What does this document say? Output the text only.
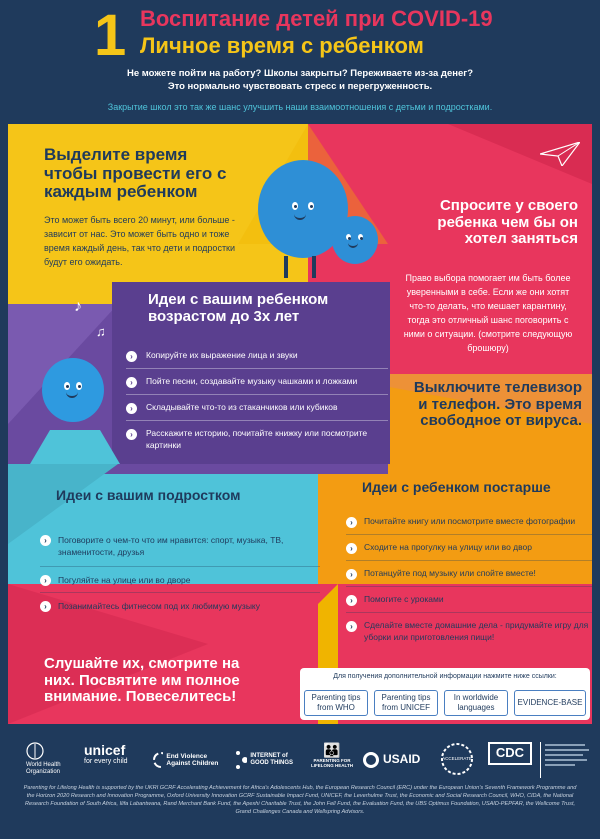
1 Воспитание детей при COVID-19
Личное время с ребенком
Не можете пойти на работу? Школы закрыты? Переживаете из-за денег?
Это нормально чувствовать стресс и перегруженность.
Закрытие школ это так же шанс улучшить наши взаимоотношения с детьми и подростками.
Выделите время чтобы провести его с каждым ребенком
Это может быть всего 20 минут, или больше - зависит от нас. Это может быть одно и тоже время каждый день, так что дети и подростки будут его ожидать.
Спросите у своего ребенка чем бы он хотел заняться
Право выбора помогает им быть более уверенными в себе. Если же они хотят что-то делать, что мешает карантину, тогда это отличный шанс поговорить с ними о ситуации. (смотрите следующую брошюру)
♪
♫
Идеи с вашим ребенком возрастом до 3х лет
›	Копируйте их выражение лица и звуки
›	Пойте песни, создавайте музыку чашками и ложками
›	Складывайте что-то из стаканчиков или кубиков
›	Расскажите историю, почитайте книжку или посмотрите картинки
Выключите телевизор и телефон. Это время свободное от вируса.
Идеи с вашим подростком
›	Поговорите о чем-то что им нравится: спорт, музыка, ТВ, знаменитости, друзья
›	Погуляйте на улице или во дворе
›	Позанимайтесь фитнесом под их любимую музыку
Идеи с ребенком постарше
›	Почитайте книгу или посмотрите вместе фотографии
›	Сходите на прогулку на улицу или во двор
›	Потанцуйте под музыку или спойте вместе!
›	Помогите с уроками
›	Сделайте вместе домашние дела - придумайте игру для уборки или приготовления пищи!
Слушайте их, смотрите на них. Посвятите им полное внимание. Повеселитесь!
Для получения дополнительной информации нажмите ниже ссылки:
Parenting tips from WHO
Parenting tips from UNICEF
In worldwide languages
EVIDENCE-BASE
World Health Organization
unicef
for every child
End Violence Against Children
INTERNET of GOOD THINGS
👪
PARENTING FOR LIFELONG HEALTH	USAID	ACCELERATE	CDC
Parenting for Lifelong Health is supported by the UKRI GCRF Accelerating Achievement for Africa's Adolescents Hub, the European Research Council (ERC) under the European Union's Seventh Framework Programme and the Horizon 2020 Research and Innovation Programme, Oxford University Innovation GCRF Sustainable Impact Fund, UNICEF, the Leverhulme Trust, the Economic and Social Research Council, WHO, CIDA, the National Research Foundation of South Africa, Ilifa Labantwana, Rand Merchant Bank Fund, the Apexhi Charitable Trust, the John Fell Fund, the Evaluation Fund, the UBS Optimus Foundation, USAID-PEPFAR, the Wellcome Trust, Grand Challenges Canada and Wellspring Advisors.
